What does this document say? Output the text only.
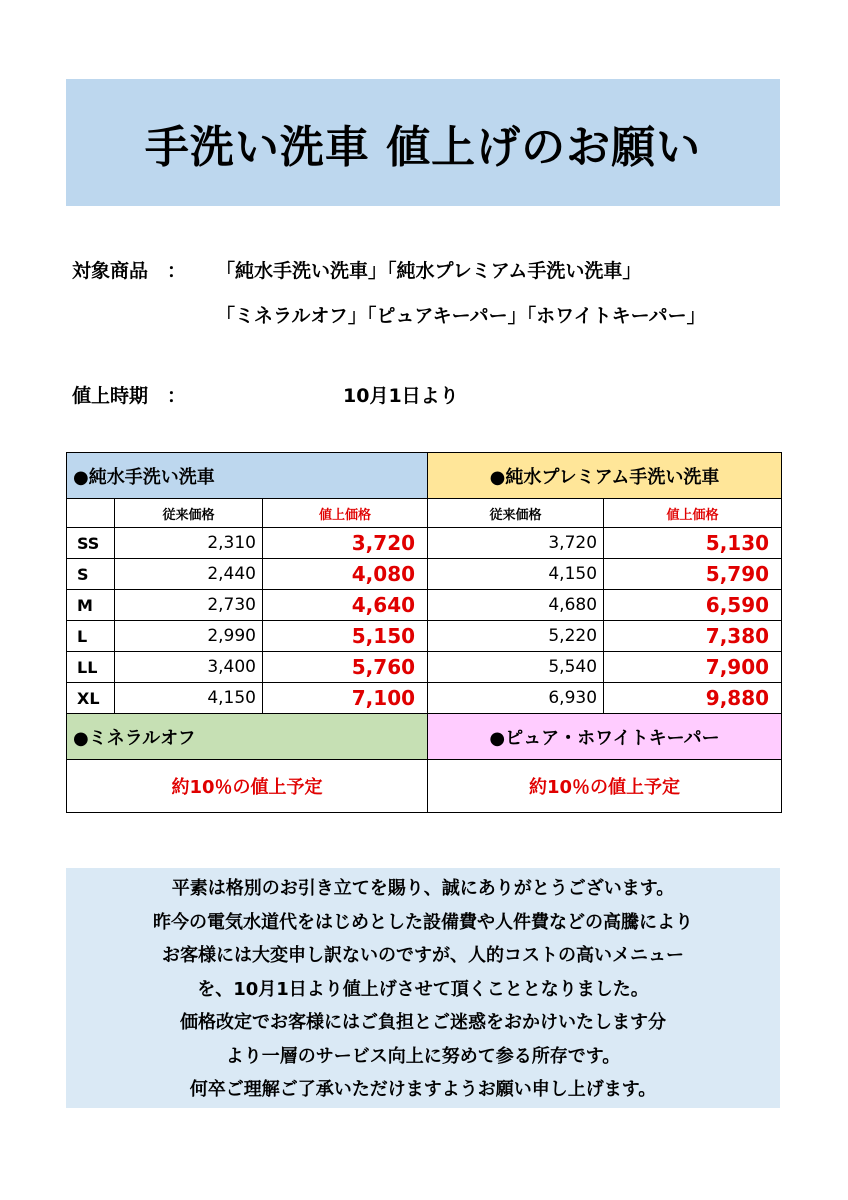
手洗い洗車 値上げのお願い
対象商品　： 「純水手洗い洗車」「純水プレミアム手洗い洗車」
「ミネラルオフ」「ピュアキーパー」「ホワイトキーパー」
値上時期　：	10月1日より
●純水手洗い洗車			●純水プレミアム手洗い洗車	
	従来価格	値上価格	従来価格	値上価格
SS	2,310	3,720	3,720	5,130
S	2,440	4,080	4,150	5,790
M	2,730	4,640	4,680	6,590
L	2,990	5,150	5,220	7,380
LL	3,400	5,760	5,540	7,900
XL	4,150	7,100	6,930	9,880
●ミネラルオフ			●ピュア・ホワイトキーパー	
約10％の値上予定			約10％の値上予定	

平素は格別のお引き立てを賜り、誠にありがとうございます。

昨今の電気水道代をはじめとした設備費や人件費などの高騰により

お客様には大変申し訳ないのですが、人的コストの高いメニュー

を、10月1日より値上げさせて頂くこととなりました。

価格改定でお客様にはご負担とご迷惑をおかけいたします分

より一層のサービス向上に努めて参る所存です。

何卒ご理解ご了承いただけますようお願い申し上げます。
